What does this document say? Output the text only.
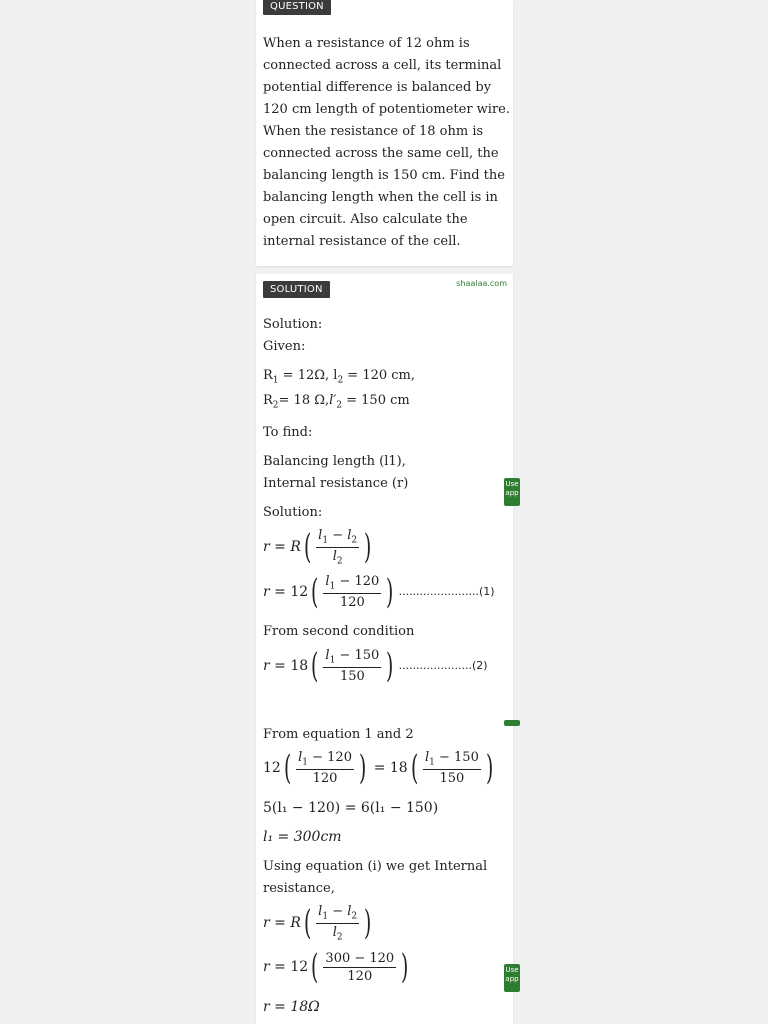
QUESTION
When a resistance of 12 ohm is connected across a cell, its terminal potential difference is balanced by 120 cm length of potentiometer wire. When the resistance of 18 ohm is connected across the same cell, the balancing length is 150 cm. Find the balancing length when the cell is in open circuit. Also calculate the internal resistance of the cell.
SOLUTION
shaalaa.com
Solution:
Given:
$R_1 = 12\Omega$, $l_2 = 120$ cm,
$R_2= 18$ $\Omega,l'_2 = 150$ cm
To find:
Balancing length (l1),
Internal resistance (r)
Solution:
r = R ( $\frac{l_1 - l_2}{l_2}$ )
r = 12 ( $\frac{l_1 - 120}{120}$ ) .......................(1)
From second condition
r = 18 ( $\frac{l_1 - 150}{150}$ ) .....................(2)
From equation 1 and 2
12 ( $\frac{l_1 - 120}{120}$ ) = 18 ( $\frac{l_1 - 150}{150}$ )
5(l₁ − 120) = 6(l₁ − 150)
l₁ = 300cm
Using equation (i) we get Internal resistance,
r = R ( $\frac{l_1 - l_2}{l_2}$ )
r = 12 ( $\frac{300 - 120}{120}$ )
r = 18Ω
Use
app
Use
app
